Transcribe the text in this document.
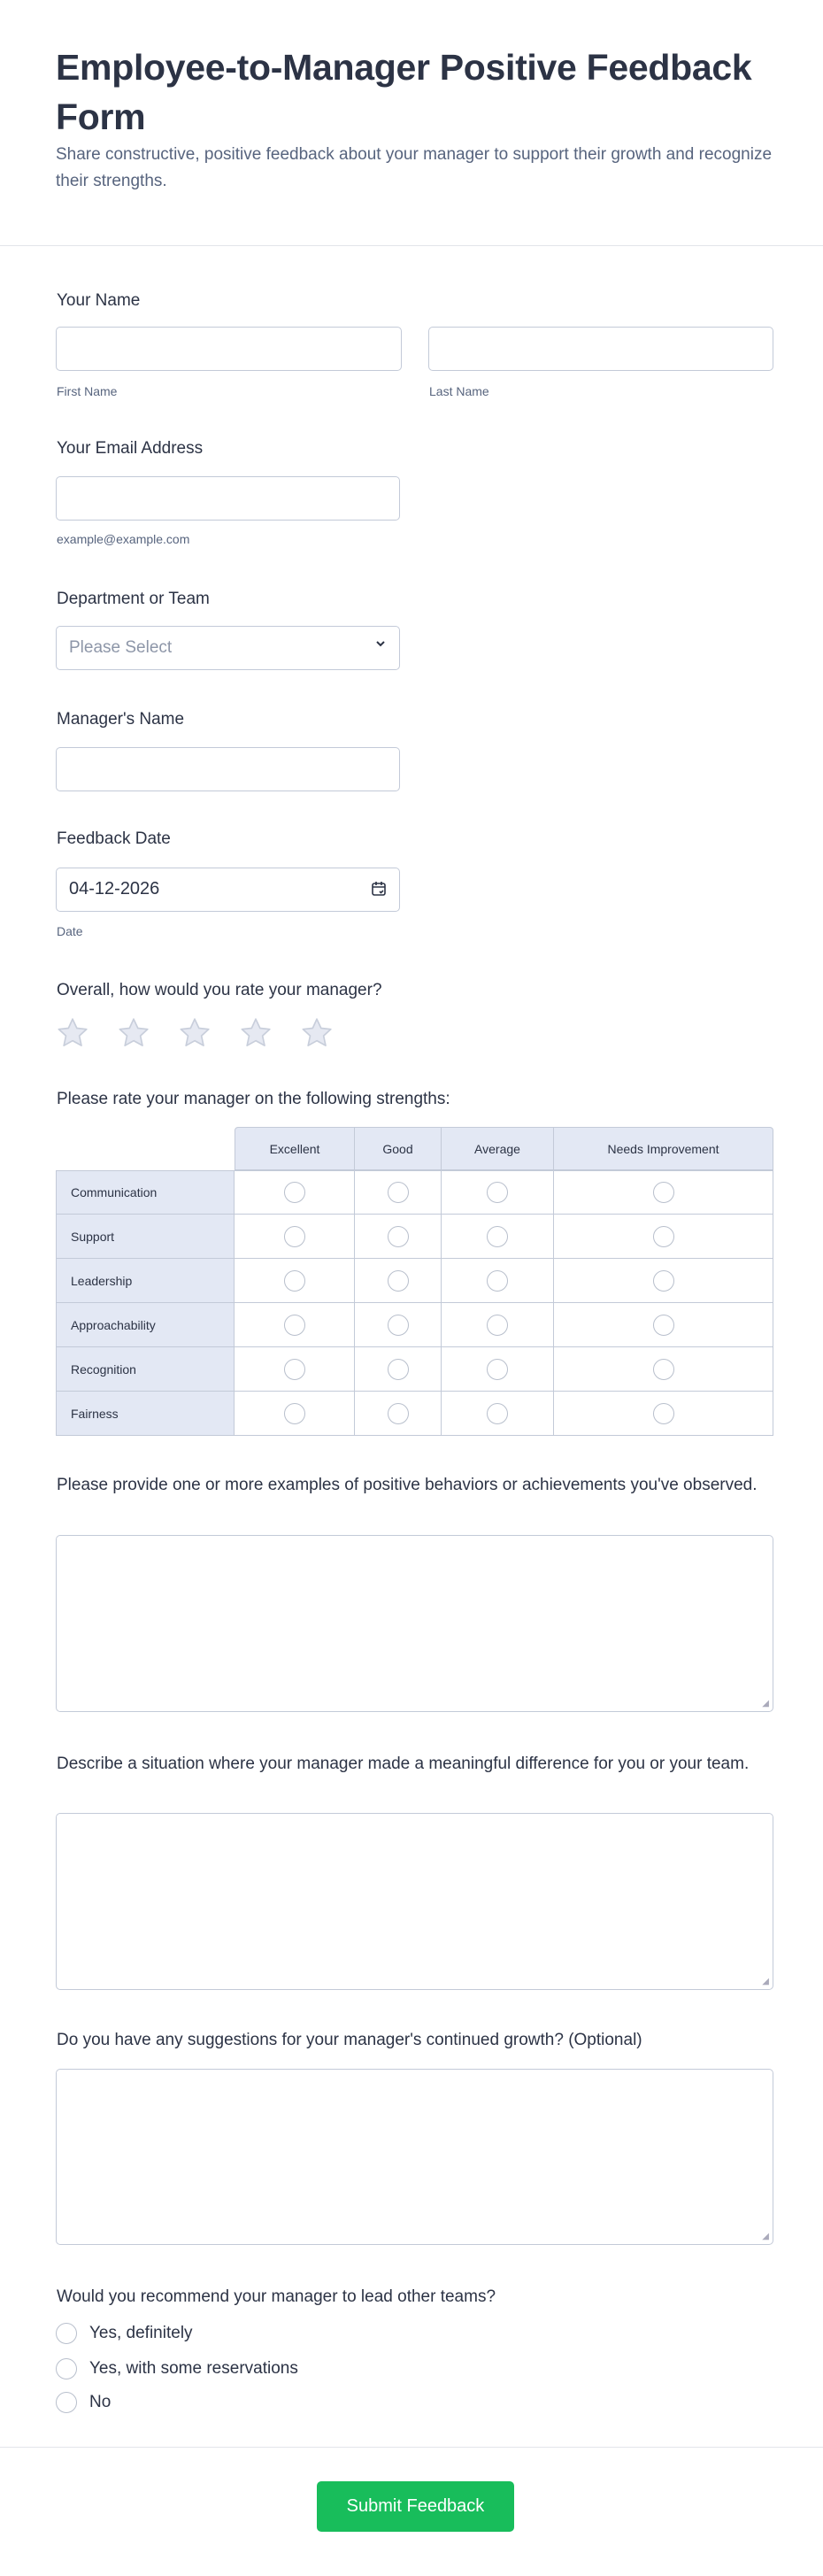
Employee-to-Manager Positive Feedback Form
Share constructive, positive feedback about your manager to support their growth and recognize their strengths.
Your Name
First Name	Last Name
Your Email Address
example@example.com
Department or Team
Please Select
Manager's Name
Feedback Date
04-12-2026
Date
Overall, how would you rate your manager?
Please rate your manager on the following strengths:
	Excellent	Good	Average	Needs Improvement
Communication				
Support				
Leadership				
Approachability				
Recognition				
Fairness				
Please provide one or more examples of positive behaviors or achievements you've observed.
◢
Describe a situation where your manager made a meaningful difference for you or your team.
◢
Do you have any suggestions for your manager's continued growth? (Optional)
◢
Would you recommend your manager to lead other teams?
Yes, definitely
Yes, with some reservations
No
Submit Feedback
